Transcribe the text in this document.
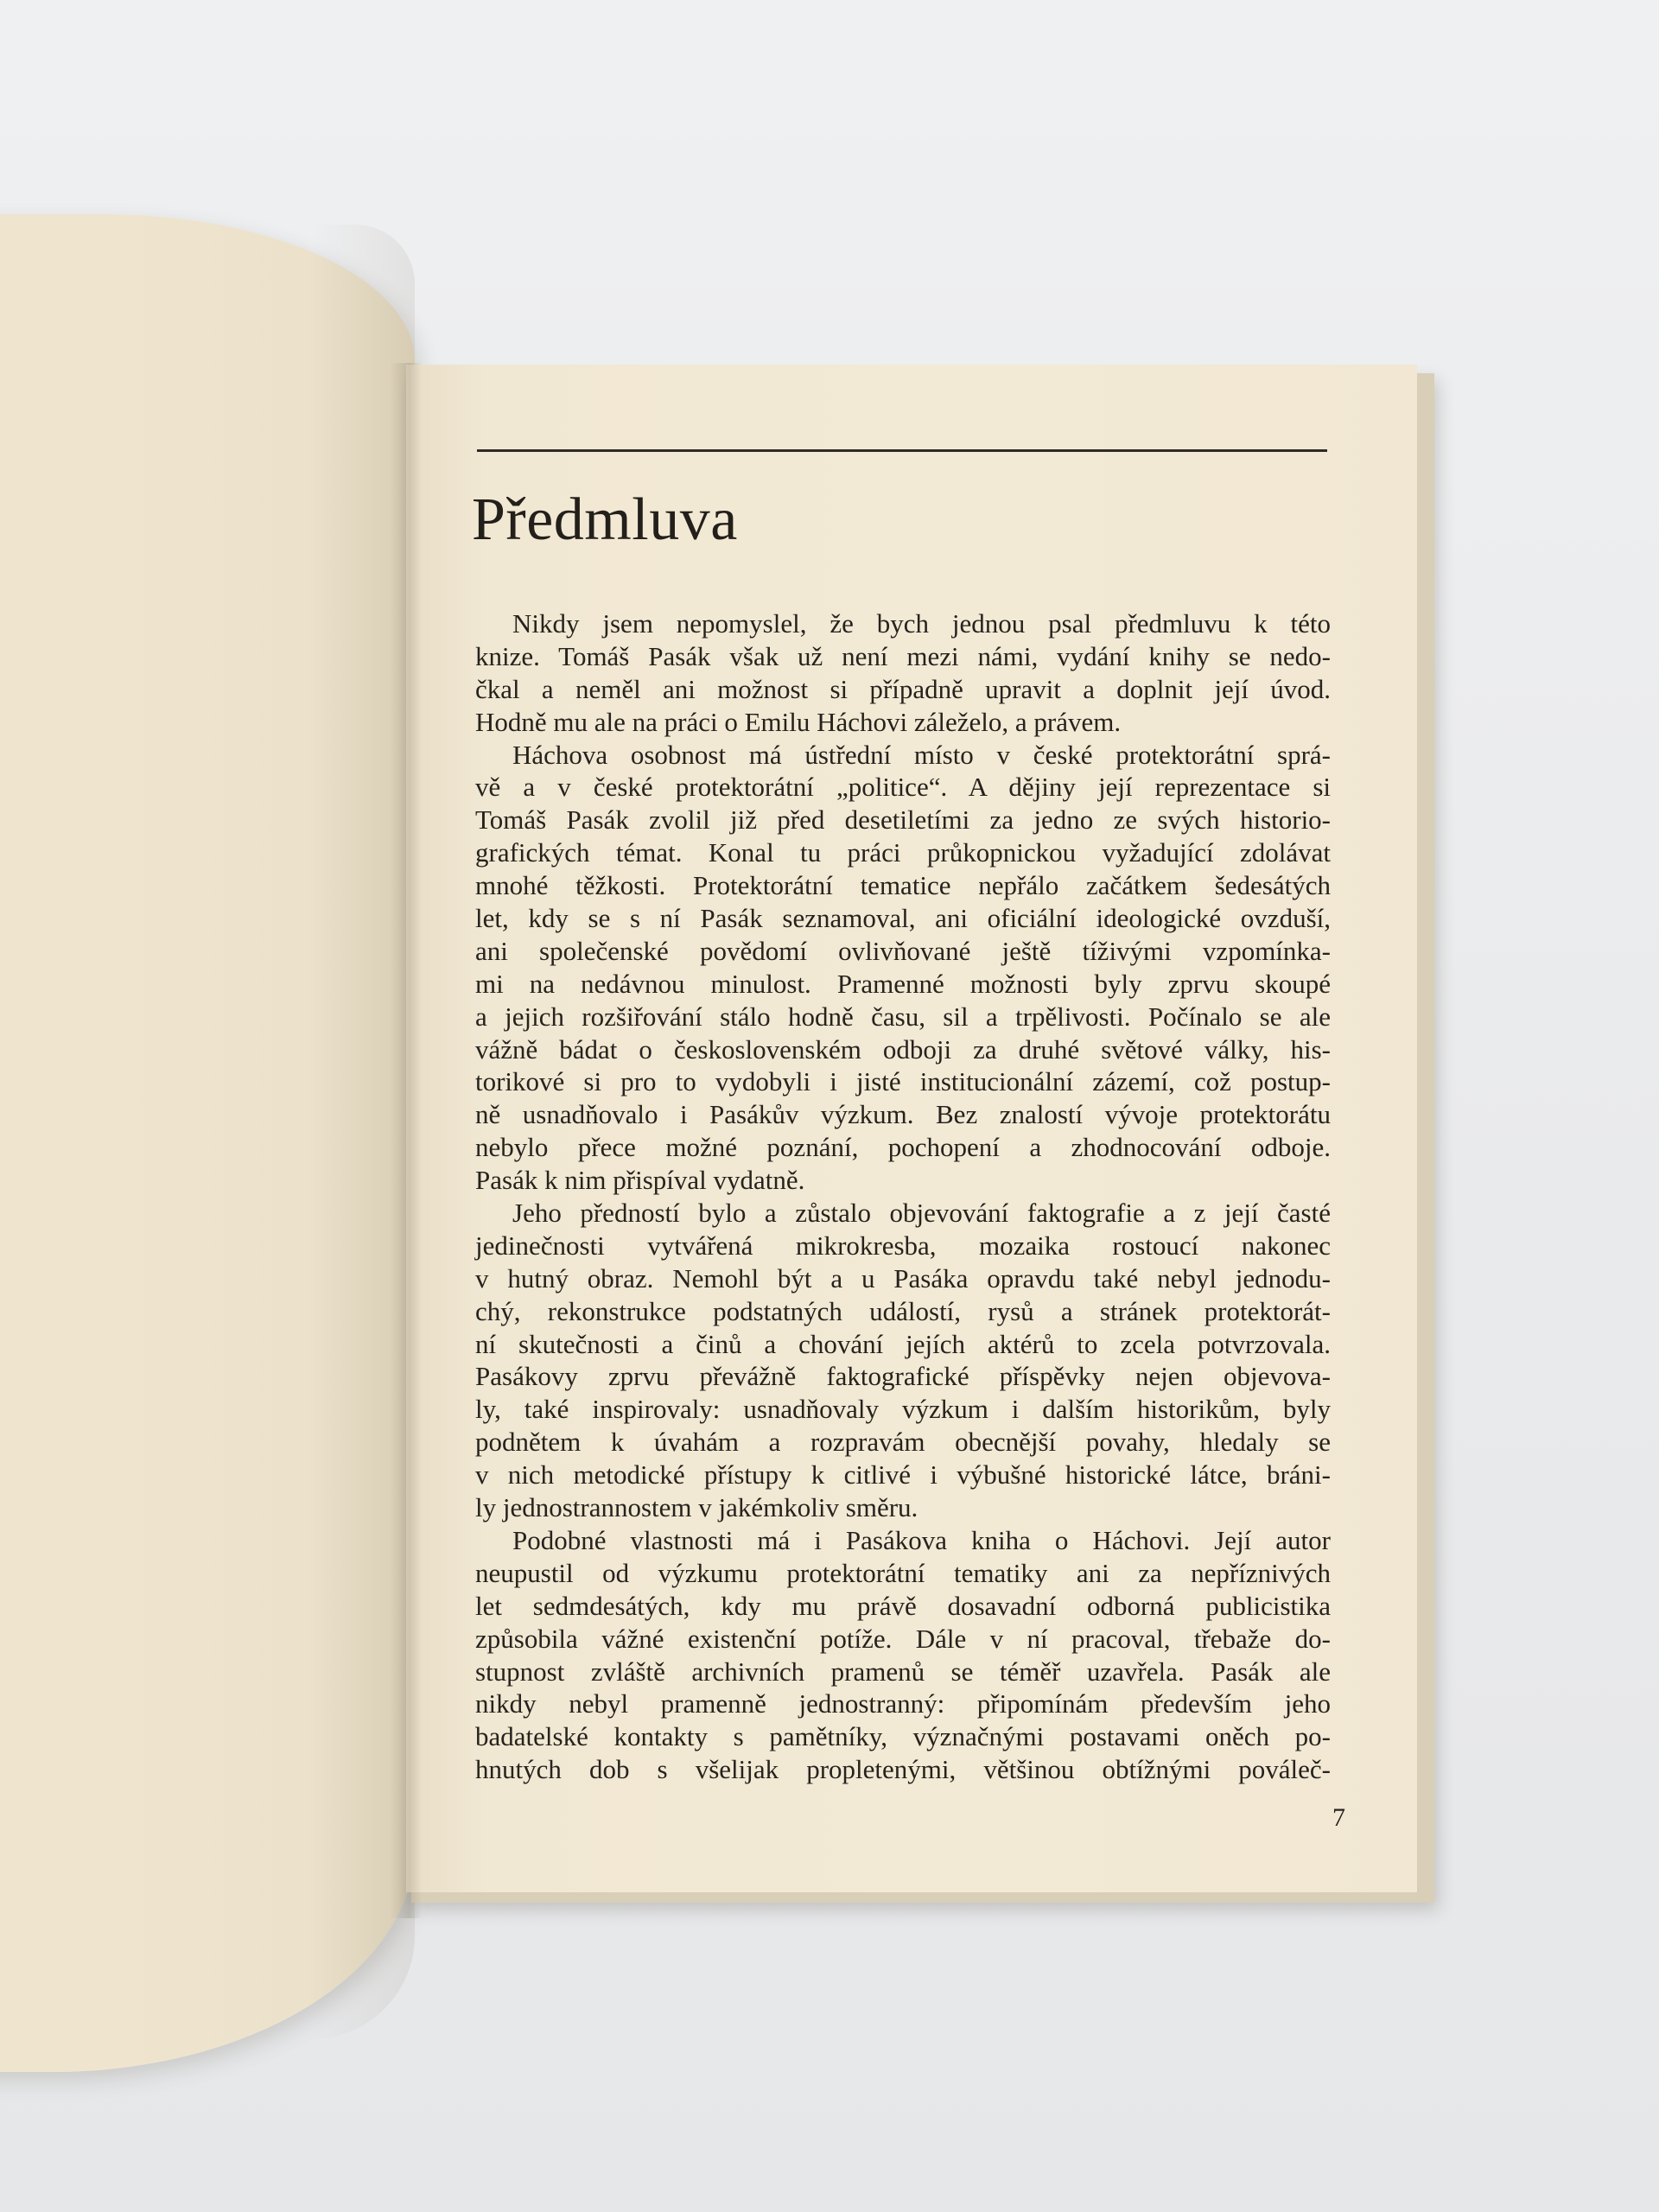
Předmluva
Nikdy jsem nepomyslel, že bych jednou psal předmluvu k této
knize. Tomáš Pasák však už není mezi námi, vydání knihy se nedo-
čkal a neměl ani možnost si případně upravit a doplnit její úvod.
Hodně mu ale na práci o Emilu Háchovi záleželo, a právem.
Háchova osobnost má ústřední místo v české protektorátní sprá-
vě a v české protektorátní „politice“. A dějiny její reprezentace si
Tomáš Pasák zvolil již před desetiletími za jedno ze svých historio-
grafických témat. Konal tu práci průkopnickou vyžadující zdolávat
mnohé těžkosti. Protektorátní tematice nepřálo začátkem šedesátých
let, kdy se s ní Pasák seznamoval, ani oficiální ideologické ovzduší,
ani společenské povědomí ovlivňované ještě tíživými vzpomínka-
mi na nedávnou minulost. Pramenné možnosti byly zprvu skoupé
a jejich rozšiřování stálo hodně času, sil a trpělivosti. Počínalo se ale
vážně bádat o československém odboji za druhé světové války, his-
torikové si pro to vydobyli i jisté institucionální zázemí, což postup-
ně usnadňovalo i Pasákův výzkum. Bez znalostí vývoje protektorátu
nebylo přece možné poznání, pochopení a zhodnocování odboje.
Pasák k nim přispíval vydatně.
Jeho předností bylo a zůstalo objevování faktografie a z její časté
jedinečnosti vytvářená mikrokresba, mozaika rostoucí nakonec
v hutný obraz. Nemohl být a u Pasáka opravdu také nebyl jednodu-
chý, rekonstrukce podstatných událostí, rysů a stránek protektorát-
ní skutečnosti a činů a chování jejích aktérů to zcela potvrzovala.
Pasákovy zprvu převážně faktografické příspěvky nejen objevova-
ly, také inspirovaly: usnadňovaly výzkum i dalším historikům, byly
podnětem k úvahám a rozpravám obecnější povahy, hledaly se
v nich metodické přístupy k citlivé i výbušné historické látce, bráni-
ly jednostrannostem v jakémkoliv směru.
Podobné vlastnosti má i Pasákova kniha o Háchovi. Její autor
neupustil od výzkumu protektorátní tematiky ani za nepříznivých
let sedmdesátých, kdy mu právě dosavadní odborná publicistika
způsobila vážné existenční potíže. Dále v ní pracoval, třebaže do-
stupnost zvláště archivních pramenů se téměř uzavřela. Pasák ale
nikdy nebyl pramenně jednostranný: připomínám především jeho
badatelské kontakty s pamětníky, význačnými postavami oněch po-
hnutých dob s všelijak propletenými, většinou obtížnými pováleč-
7
